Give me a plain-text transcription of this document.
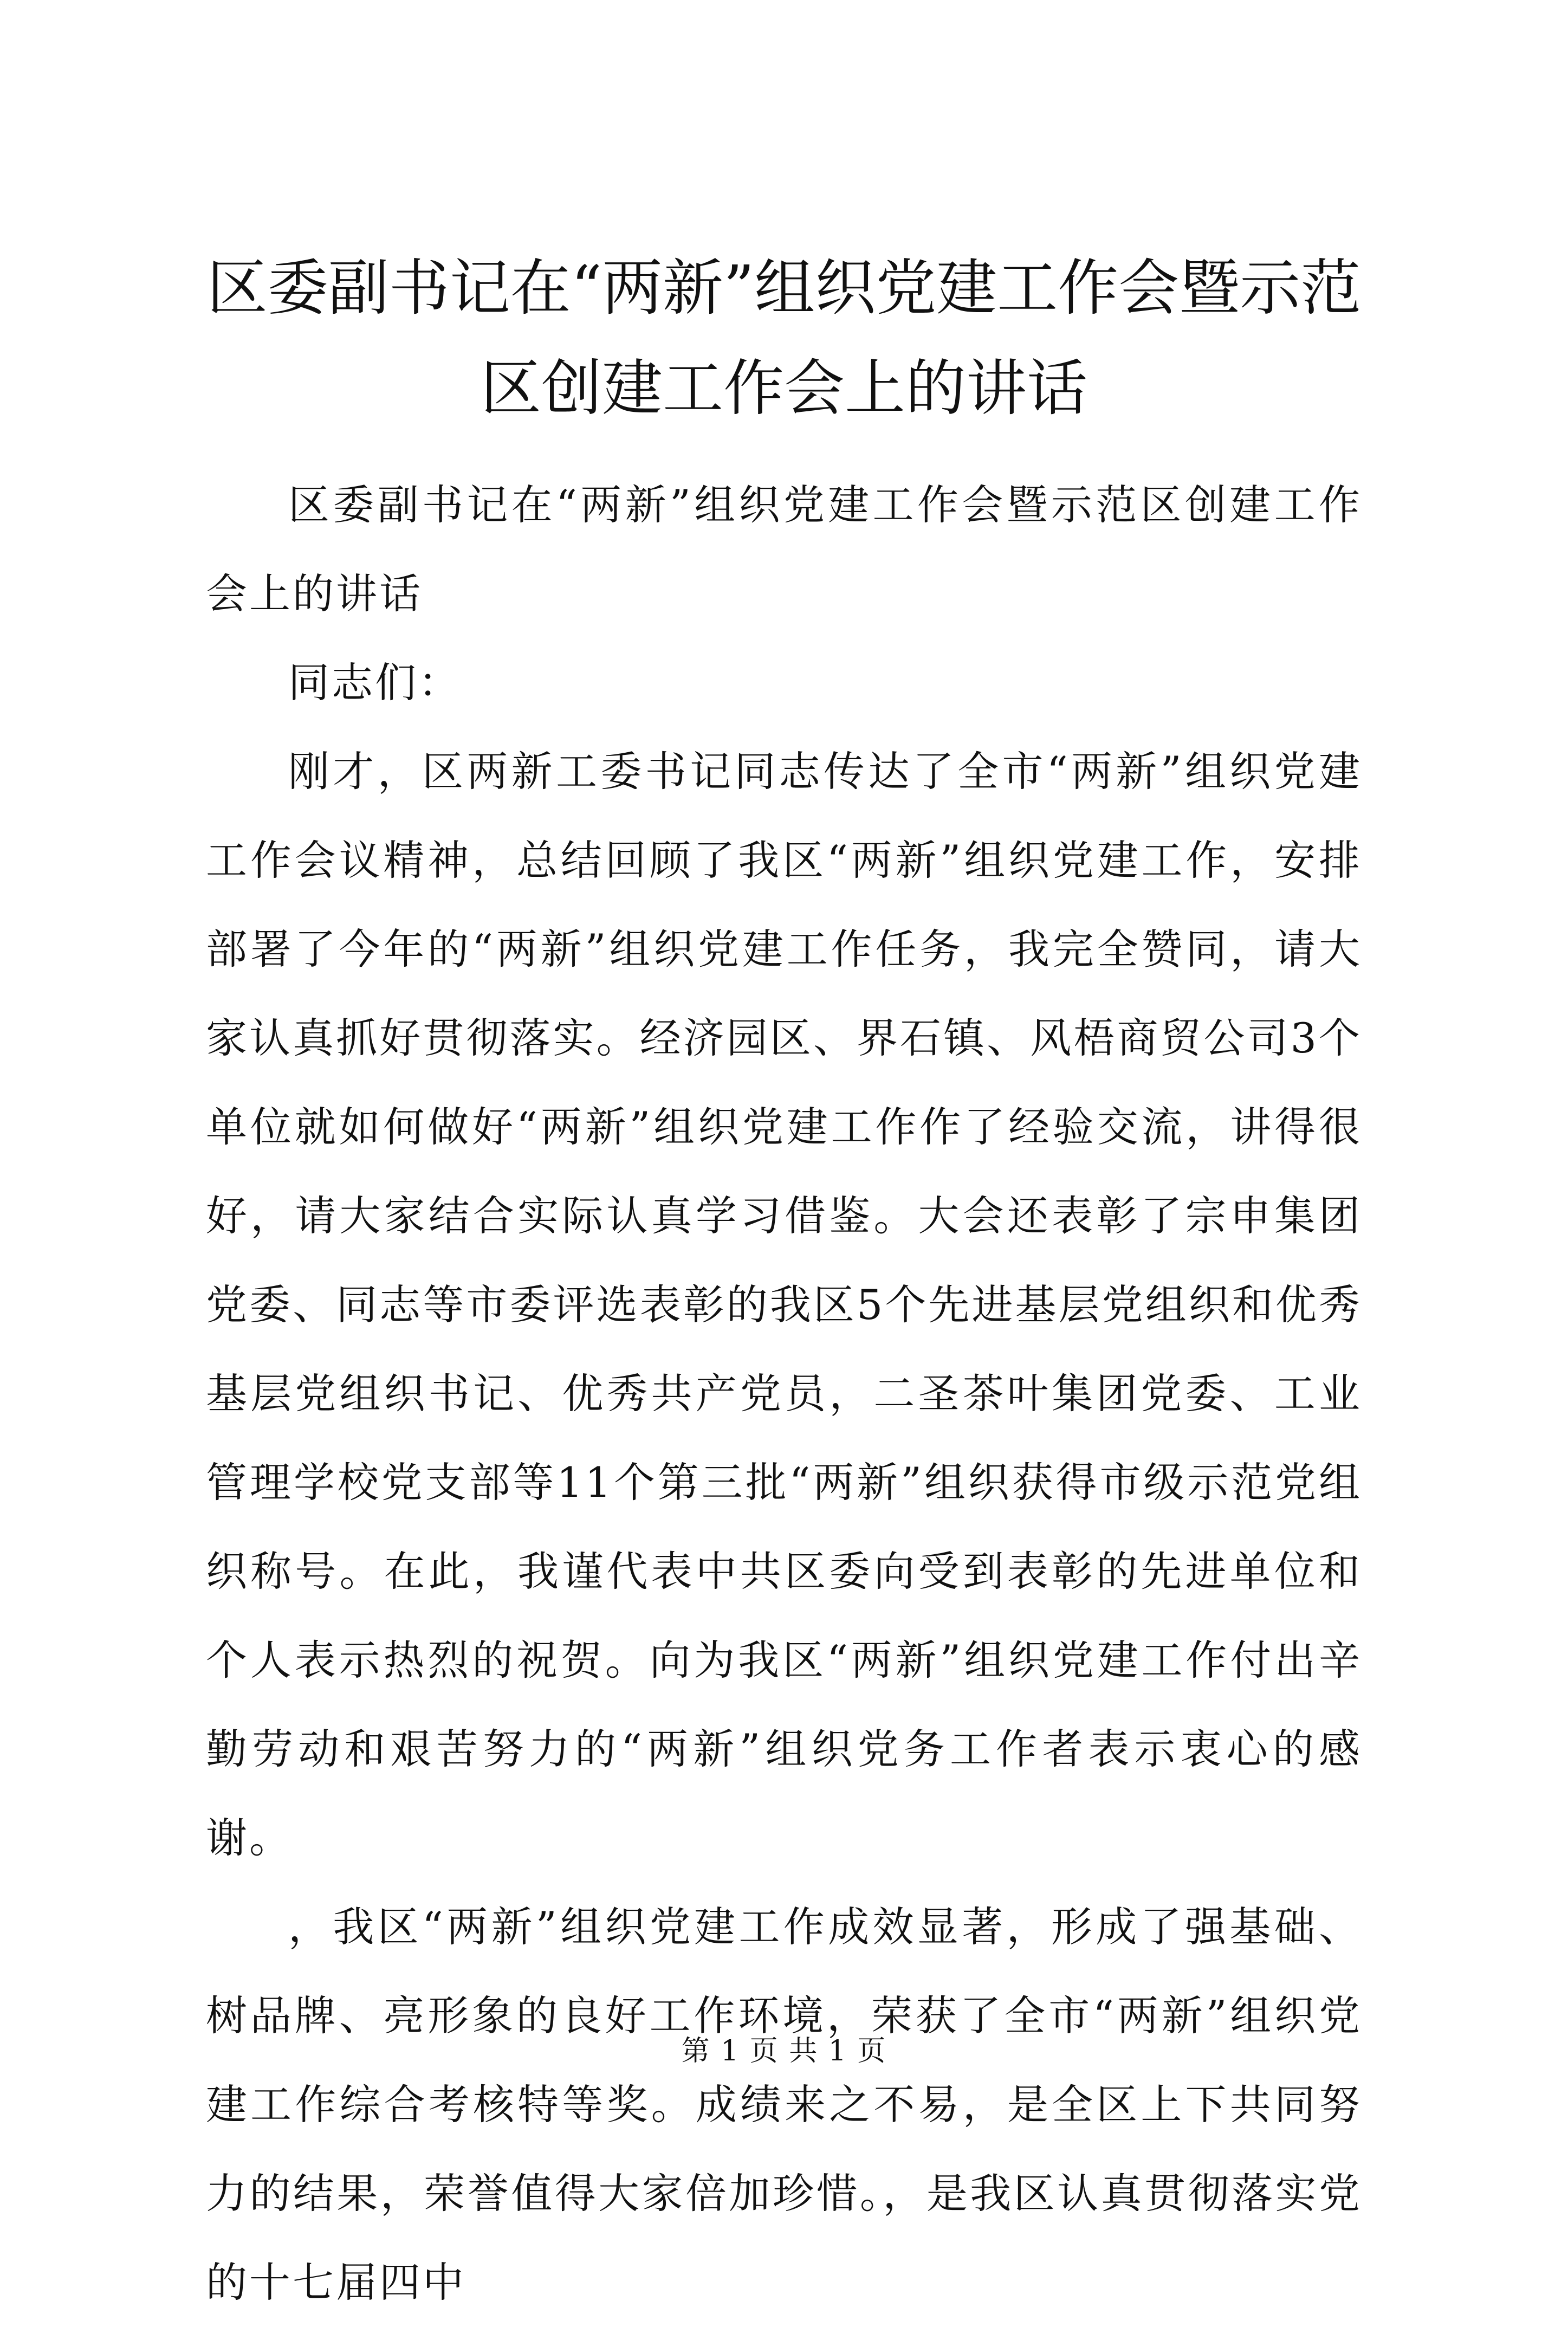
区委副书记在“两新”组织党建工作会暨示范区创建工作会上的讲话

区委副书记在“两新”组织党建工作会暨示范区创建工作会上的讲话

同志们：

刚才，区两新工委书记同志传达了全市“两新”组织党建工作会议精神，总结回顾了我区“两新”组织党建工作，安排部署了今年的“两新”组织党建工作任务，我完全赞同，请大家认真抓好贯彻落实。经济园区、界石镇、风梧商贸公司3个单位就如何做好“两新”组织党建工作作了经验交流，讲得很好，请大家结合实际认真学习借鉴。大会还表彰了宗申集团党委、同志等市委评选表彰的我区5个先进基层党组织和优秀基层党组织书记、优秀共产党员，二圣茶叶集团党委、工业管理学校党支部等11个第三批“两新”组织获得市级示范党组织称号。在此，我谨代表中共区委向受到表彰的先进单位和个人表示热烈的祝贺。向为我区“两新”组织党建工作付出辛勤劳动和艰苦努力的“两新”组织党务工作者表示衷心的感谢。

，我区“两新”组织党建工作成效显著，形成了强基础、树品牌、亮形象的良好工作环境，荣获了全市“两新”组织党建工作综合考核特等奖。成绩来之不易，是全区上下共同努力的结果，荣誉值得大家倍加珍惜。，是我区认真贯彻落实党的十七届四中

第 1 页 共 1 页
